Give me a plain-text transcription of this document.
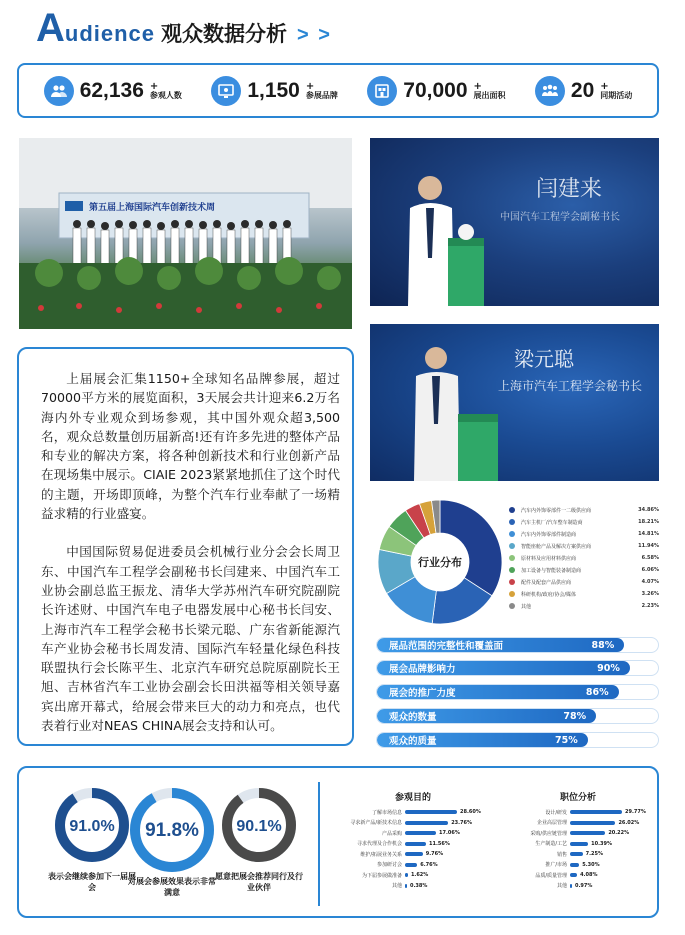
A udience 观众数据分析 > >
62,136 +
参观人数	1,150 +
参展品牌	70,000 +
展出面积	20 +
同期活动
第五届上海国际汽车创新技术周
闫建来
中国汽车工程学会副秘书长
梁元聪
上海市汽车工程学会秘书长

上届展会汇集1150+全球知名品牌参展，超过70000平方米的展览面积，3天展会共计迎来6.2万名海内外专业观众到场参观，其中国外观众超3,500名，观众总数量创历届新高!还有许多先进的整体产品和专业的解决方案，将各种创新技术和行业创新产品在现场集中展示。CIAIE 2023紧紧地抓住了这个时代的主题，开场即顶峰，为整个汽车行业奉献了一场精益求精的行业盛宴。

中国国际贸易促进委员会机械行业分会会长周卫东、中国汽车工程学会副秘书长闫建来、中国汽车工业协会副总监王振龙、清华大学苏州汽车研究院副院长许述财、中国汽车电子电器发展中心秘书长闫安、上海市汽车工程学会秘书长梁元聪、广东省新能源汽车产业协会秘书长周发清、国际汽车轻量化绿色科技联盟执行会长陈平生、北京汽车研究总院原副院长王旭、吉林省汽车工业协会副会长田洪福等相关领导嘉宾出席开幕式，给展会带来巨大的动力和亮点，也代表着行业对NEAS CHINA展会支持和认可。

行业分布
汽车内外饰零部件一二级供应商	34.86%
汽车主机厂/汽车整车制造商	18.21%
汽车内外饰零部件制造商	14.81%
智能座舱产品及解决方案供应商	11.94%
原材料及应用材料供应商	6.58%
加工设备与智能装备制造商	6.06%
配件及配套产品供应商	4.07%
科研机构/政府/协会/媒体	3.26%
其他	2.23%
展品范围的完整性和覆盖面	88%
展会品牌影响力	90%
展会的推广力度	86%
观众的数量	78%
观众的质量	75%
91.0%
表示会继续参加下一届展会
91.8%
对展会参展效果表示非常满意
90.1%
愿意把展会推荐同行及行业伙伴
参观目的
了解市场信息	28.60%
寻求新产品/新技术信息	23.76%
产品采购	17.06%
寻求代理及合作机会	11.56%
维护/拓展业务关系	9.76%
参加研讨会	6.76%
为下届参展做准备	1.62%
其他	0.38%
职位分析
设计/研发	29.77%
企业高层管理	26.02%
采购/供应链管理	20.22%
生产制造/工艺	10.39%
销售	7.25%
推广/市场	5.30%
品质/质量管理	4.08%
其他	0.97%
